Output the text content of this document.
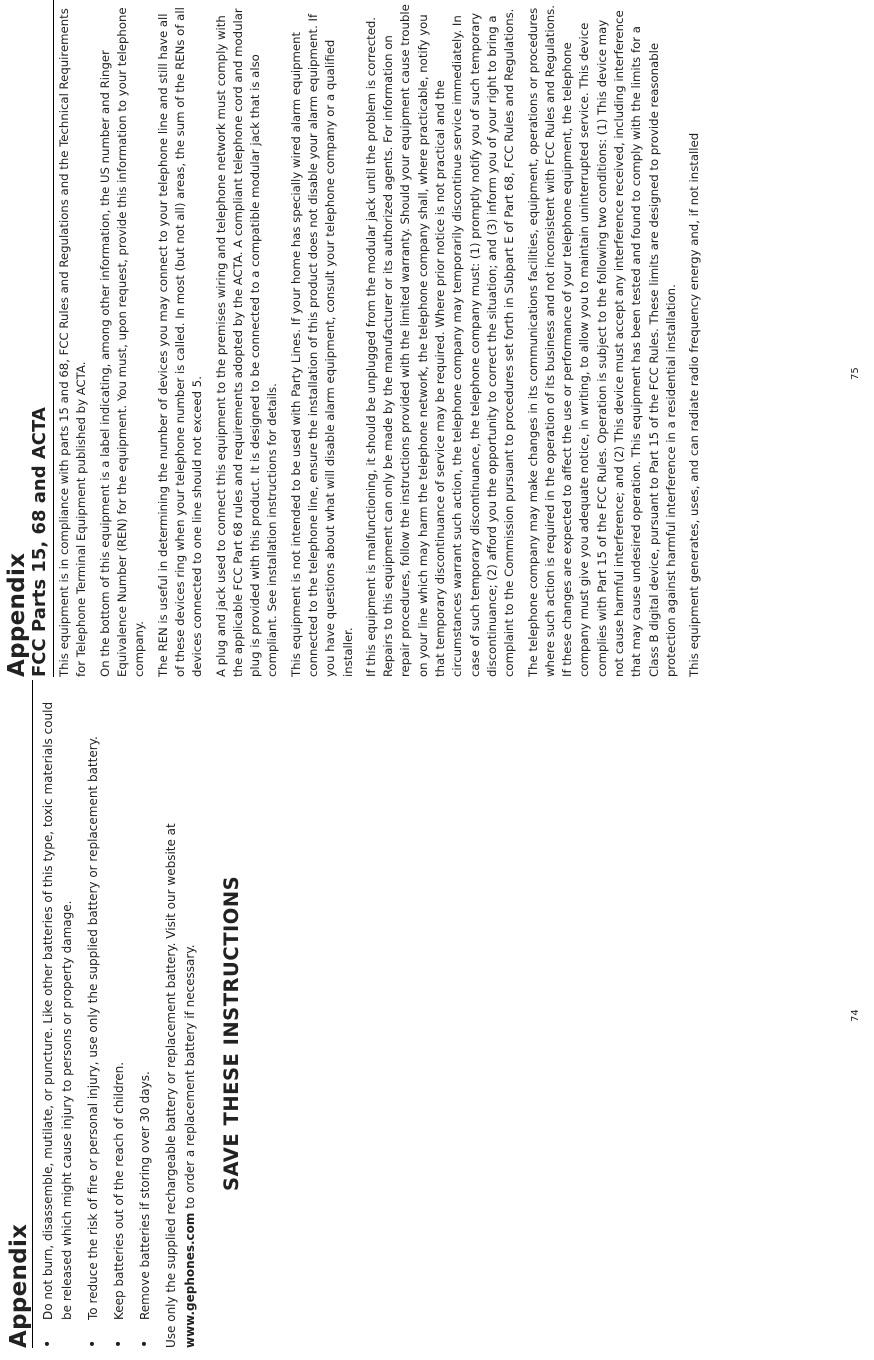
Appendix •
Do not burn, disassemble, mutilate, or puncture. Like other batteries of this type, toxic materials could be released which might cause injury to persons or property damage.
•
To reduce the risk of fire or personal injury, use only the supplied battery or replacement battery.
•
Keep batteries out of the reach of children.
•
Remove batteries if storing over 30 days. Use only the supplied rechargeable battery or replacement battery. Visit our website at www.gephones.com to order a replacement battery if necessary. SAVE THESE INSTRUCTIONS	74
Appendix FCC Parts 15, 68 and ACTA This equipment is in compliance with parts 15 and 68, FCC Rules and Regulations and the Technical Requirements for Telephone Terminal Equipment published by ACTA. On the bottom of this equipment is a label indicating, among other information, the US number and Ringer Equivalence Number (REN) for the equipment. You must, upon request, provide this information to your telephone company. The REN is useful in determining the number of devices you may connect to your telephone line and still have all of these devices ring when your telephone number is called. In most (but not all) areas, the sum of the RENs of all devices connected to one line should not exceed 5. A plug and jack used to connect this equipment to the premises wiring and telephone network must comply with the applicable FCC Part 68 rules and requirements adopted by the ACTA. A compliant telephone cord and modular plug is provided with this product. It is designed to be connected to a compatible modular jack that is also compliant. See installation instructions for details. This equipment is not intended to be used with Party Lines. If your home has specially wired alarm equipment connected to the telephone line, ensure the installation of this product does not disable your alarm equipment. If you have questions about what will disable alarm equipment, consult your telephone company or a qualified installer. If this equipment is malfunctioning, it should be unplugged from the modular jack until the problem is corrected. Repairs to this equipment can only be made by the manufacturer or its authorized agents. For information on repair procedures, follow the instructions provided with the limited warranty. Should your equipment cause trouble on your line which may harm the telephone network, the telephone company shall, where practicable, notify you that temporary discontinuance of service may be required. Where prior notice is not practical and the circumstances warrant such action, the telephone company may temporarily discontinue service immediately. In case of such temporary discontinuance, the telephone company must: (1) promptly notify you of such temporary discontinuance; (2) afford you the opportunity to correct the situation; and (3) inform you of your right to bring a complaint to the Commission pursuant to procedures set forth in Subpart E of Part 68, FCC Rules and Regulations. The telephone company may make changes in its communications facilities, equipment, operations or procedures where such action is required in the operation of its business and not inconsistent with FCC Rules and Regulations. If these changes are expected to affect the use or performance of your telephone equipment, the telephone company must give you adequate notice, in writing, to allow you to maintain uninterrupted service. This device complies with Part 15 of the FCC Rules. Operation is subject to the following two conditions: (1) This device may not cause harmful interference; and (2) This device must accept any interference received, including interference that may cause undesired operation. This equipment has been tested and found to comply with the limits for a Class B digital device, pursuant to Part 15 of the FCC Rules. These limits are designed to provide reasonable protection against harmful interference in a residential installation. This equipment generates, uses, and can radiate radio frequency energy and, if not installed	75
